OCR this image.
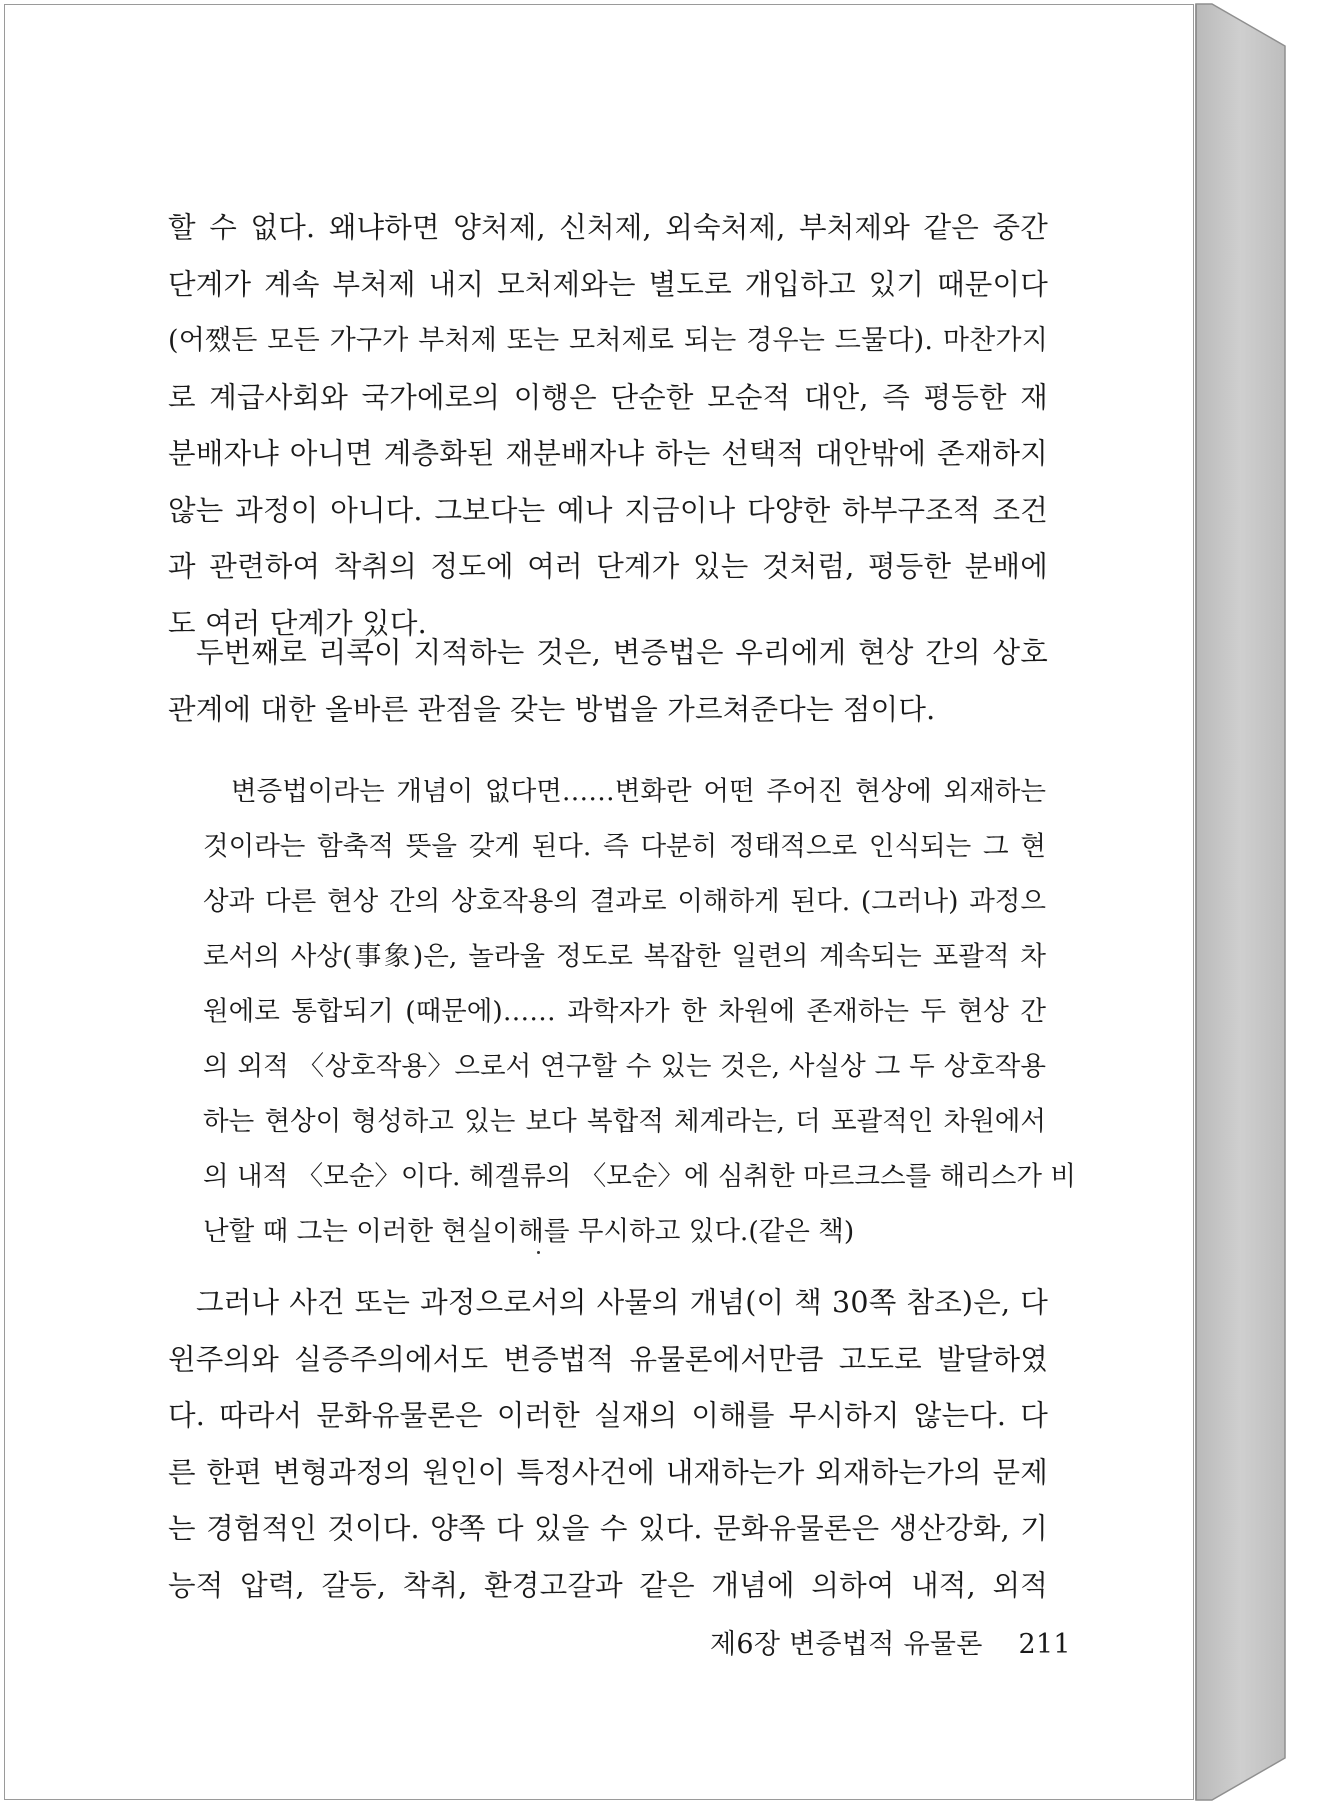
할 수 없다. 왜냐하면 양처제, 신처제, 외숙처제, 부처제와 같은 중간
단계가 계속 부처제 내지 모처제와는 별도로 개입하고 있기 때문이다
(어쨌든 모든 가구가 부처제 또는 모처제로 되는 경우는 드물다). 마찬가지
로 계급사회와 국가에로의 이행은 단순한 모순적 대안, 즉 평등한 재
분배자냐 아니면 계층화된 재분배자냐 하는 선택적 대안밖에 존재하지
않는 과정이 아니다. 그보다는 예나 지금이나 다양한 하부구조적 조건
과 관련하여 착취의 정도에 여러 단계가 있는 것처럼, 평등한 분배에
도 여러 단계가 있다.
두번째로 리콕이 지적하는 것은, 변증법은 우리에게 현상 간의 상호
관계에 대한 올바른 관점을 갖는 방법을 가르쳐준다는 점이다.
변증법이라는 개념이 없다면……변화란 어떤 주어진 현상에 외재하는
것이라는 함축적 뜻을 갖게 된다. 즉 다분히 정태적으로 인식되는 그 현
상과 다른 현상 간의 상호작용의 결과로 이해하게 된다. (그러나) 과정으
로서의 사상(事象)은, 놀라울 정도로 복잡한 일련의 계속되는 포괄적 차
원에로 통합되기 (때문에)…… 과학자가 한 차원에 존재하는 두 현상 간
의 외적 〈상호작용〉으로서 연구할 수 있는 것은, 사실상 그 두 상호작용
하는 현상이 형성하고 있는 보다 복합적 체계라는, 더 포괄적인 차원에서
의 내적 〈모순〉이다. 헤겔류의 〈모순〉에 심취한 마르크스를 해리스가 비
난할 때 그는 이러한 현실이해를 무시하고 있다.(같은 책)
그러나 사건 또는 과정으로서의 사물의 개념(이 책 30쪽 참조)은, 다
윈주의와 실증주의에서도 변증법적 유물론에서만큼 고도로 발달하였
다. 따라서 문화유물론은 이러한 실재의 이해를 무시하지 않는다. 다
른 한편 변형과정의 원인이 특정사건에 내재하는가 외재하는가의 문제
는 경험적인 것이다. 양쪽 다 있을 수 있다. 문화유물론은 생산강화, 기
능적 압력, 갈등, 착취, 환경고갈과 같은 개념에 의하여 내적, 외적
제6장 변증법적 유물론 211
